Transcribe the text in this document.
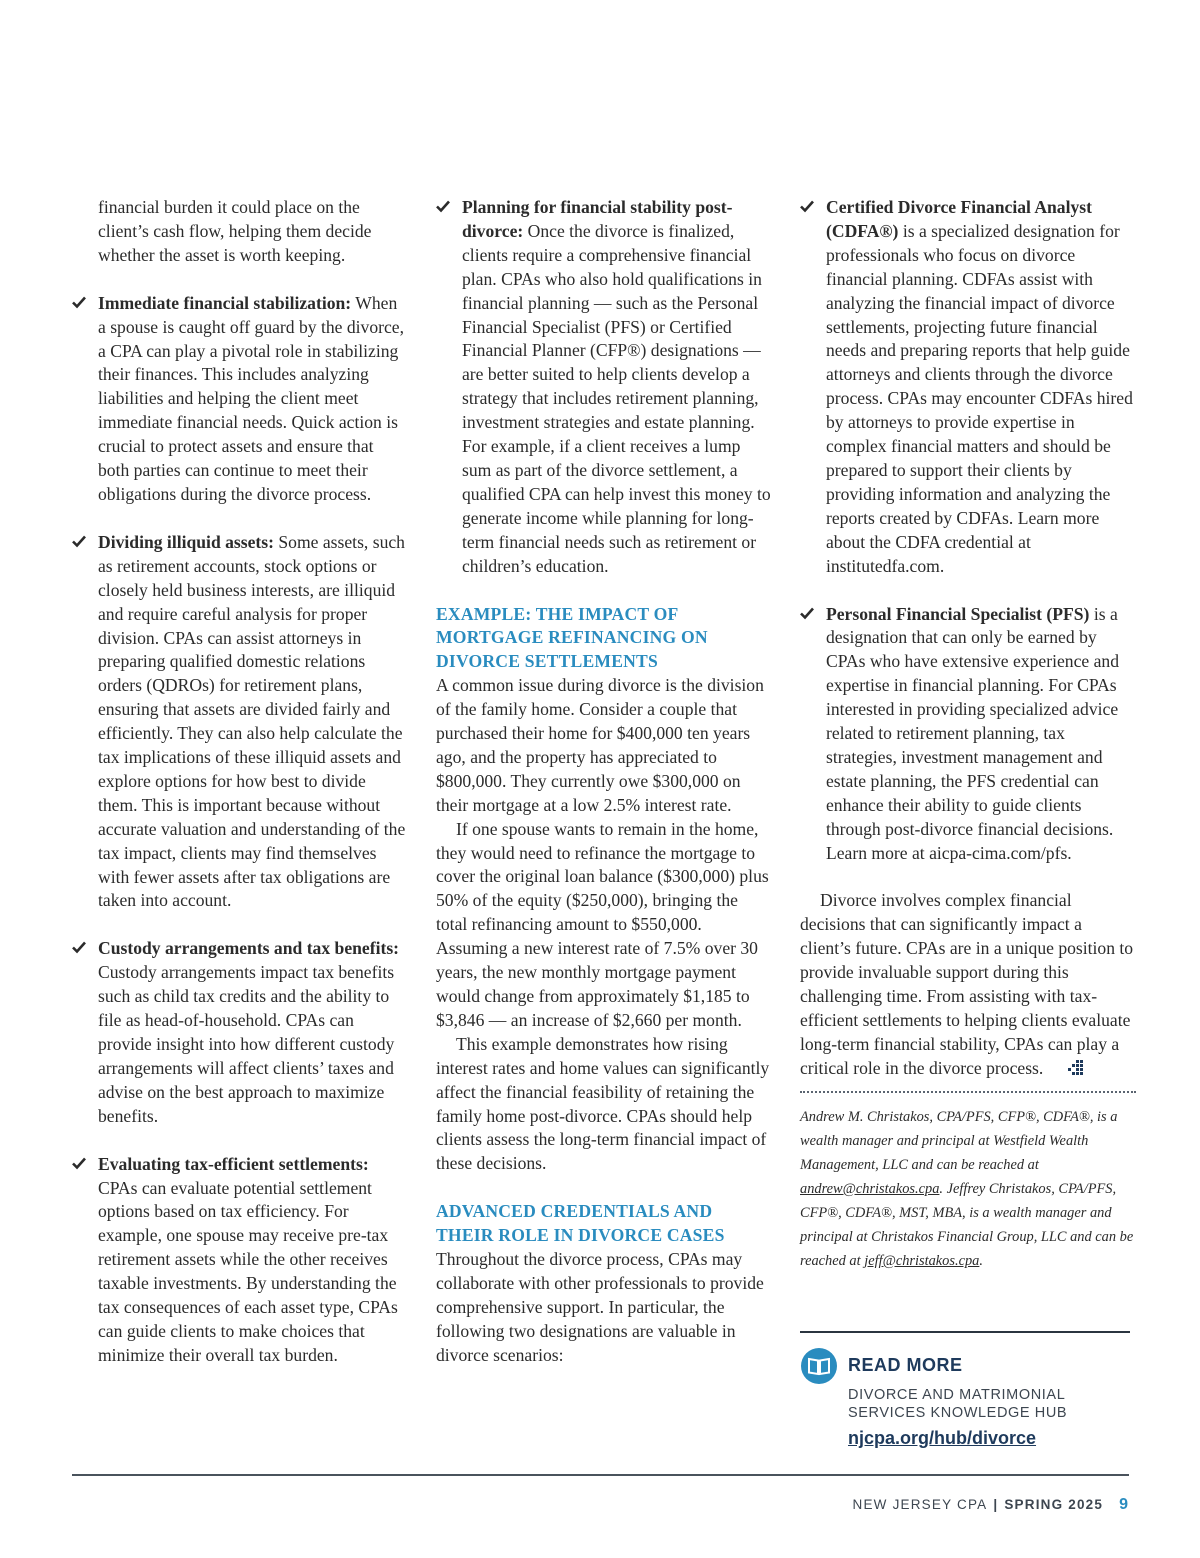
financial burden it could place on the client’s cash flow, helping them decide whether the asset is worth keeping.

Immediate financial stabilization: When a spouse is caught off guard by the divorce, a CPA can play a pivotal role in stabilizing their finances. This includes analyzing liabilities and helping the client meet immediate financial needs. Quick action is crucial to protect assets and ensure that both parties can continue to meet their obligations during the divorce process.
Dividing illiquid assets: Some assets, such as retirement accounts, stock options or closely held business interests, are illiquid and require careful analysis for proper division. CPAs can assist attorneys in preparing qualified domestic relations orders (QDROs) for retirement plans, ensuring that assets are divided fairly and efficiently. They can also help calculate the tax implications of these illiquid assets and explore options for how best to divide them. This is important because without accurate valuation and understanding of the tax impact, clients may find themselves with fewer assets after tax obligations are taken into account.
Custody arrangements and tax benefits: Custody arrangements impact tax benefits such as child tax credits and the ability to file as head-of-household. CPAs can provide insight into how different custody arrangements will affect clients’ taxes and advise on the best approach to maximize benefits.
Evaluating tax-efficient settlements: CPAs can evaluate potential settlement options based on tax efficiency. For example, one spouse may receive pre-tax retirement assets while the other receives taxable investments. By understanding the tax consequences of each asset type, CPAs can guide clients to make choices that minimize their overall tax burden.
Planning for financial stability post-divorce: Once the divorce is finalized, clients require a comprehensive financial plan. CPAs who also hold qualifications in financial planning — such as the Personal Financial Specialist (PFS) or Certified Financial Planner (CFP®) designations — are better suited to help clients develop a strategy that includes retirement planning, investment strategies and estate planning. For example, if a client receives a lump sum as part of the divorce settlement, a qualified CPA can help invest this money to generate income while planning for long-term financial needs such as retirement or children’s education.
EXAMPLE: THE IMPACT OF MORTGAGE REFINANCING ON DIVORCE SETTLEMENTS

A common issue during divorce is the division of the family home. Consider a couple that purchased their home for $400,000 ten years ago, and the property has appreciated to $800,000. They currently owe $300,000 on their mortgage at a low 2.5% interest rate.

If one spouse wants to remain in the home, they would need to refinance the mortgage to cover the original loan balance ($300,000) plus 50% of the equity ($250,000), bringing the total refinancing amount to $550,000. Assuming a new interest rate of 7.5% over 30 years, the new monthly mortgage payment would change from approximately $1,185 to $3,846 — an increase of $2,660 per month.

This example demonstrates how rising interest rates and home values can significantly affect the financial feasibility of retaining the family home post-divorce. CPAs should help clients assess the long-term financial impact of these decisions.

ADVANCED CREDENTIALS AND THEIR ROLE IN DIVORCE CASES

Throughout the divorce process, CPAs may collaborate with other professionals to provide comprehensive support. In particular, the following two designations are valuable in divorce scenarios:

Certified Divorce Financial Analyst (CDFA®) is a specialized designation for professionals who focus on divorce financial planning. CDFAs assist with analyzing the financial impact of divorce settlements, projecting future financial needs and preparing reports that help guide attorneys and clients through the divorce process. CPAs may encounter CDFAs hired by attorneys to provide expertise in complex financial matters and should be prepared to support their clients by providing information and analyzing the reports created by CDFAs. Learn more about the CDFA credential at institutedfa.com.
Personal Financial Specialist (PFS) is a designation that can only be earned by CPAs who have extensive experience and expertise in financial planning. For CPAs interested in providing specialized advice related to retirement planning, tax strategies, investment management and estate planning, the PFS credential can enhance their ability to guide clients through post-divorce financial decisions. Learn more at aicpa-cima.com/pfs.

Divorce involves complex financial decisions that can significantly impact a client’s future. CPAs are in a unique position to provide invaluable support during this challenging time. From assisting with tax-efficient settlements to helping clients evaluate long-term financial stability, CPAs can play a critical role in the divorce process.

Andrew M. Christakos, CPA/PFS, CFP®, CDFA®, is a wealth manager and principal at Westfield Wealth Management, LLC and can be reached at andrew@christakos.cpa. Jeffrey Christakos, CPA/PFS, CFP®, CDFA®, MST, MBA, is a wealth manager and principal at Christakos Financial Group, LLC and can be reached at jeff@christakos.cpa.

READ MORE
DIVORCE AND MATRIMONIAL
SERVICES KNOWLEDGE HUB
njcpa.org/hub/divorce
NEW JERSEY CPA | SPRING 2025 9
